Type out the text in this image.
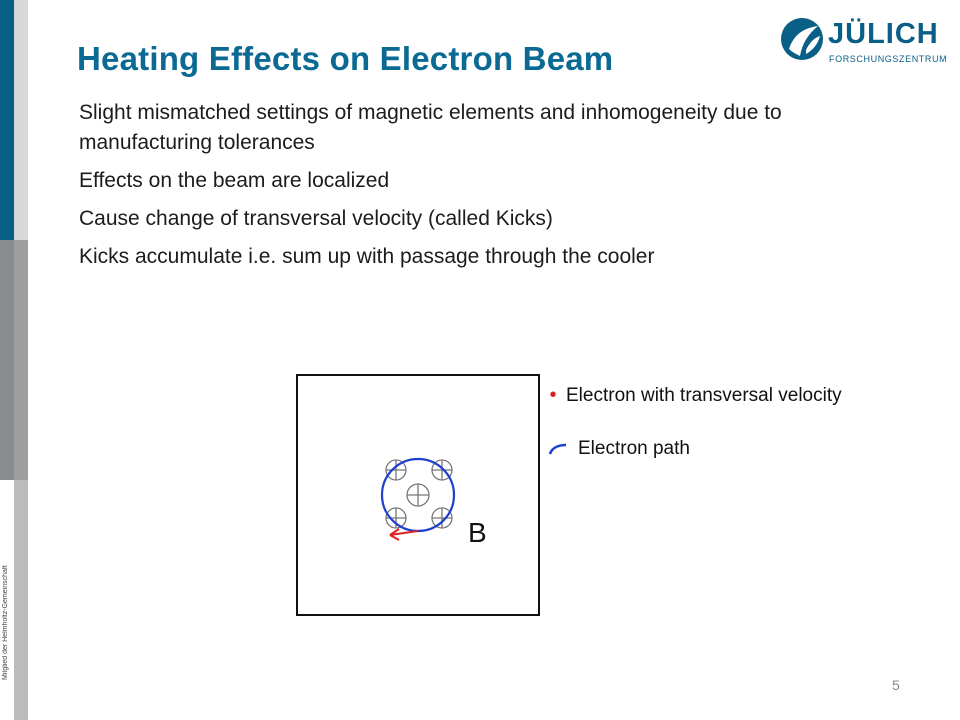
Mitglied der Helmholtz-Gemeinschaft
Heating Effects on Electron Beam
JÜLICH
FORSCHUNGSZENTRUM
Slight mismatched settings of magnetic elements and inhomogeneity due to manufacturing tolerances
Effects on the beam are localized
Cause change of transversal velocity (called Kicks)
Kicks accumulate i.e. sum up with passage through the cooler
B
• Electron with transversal velocity
Electron path
5
